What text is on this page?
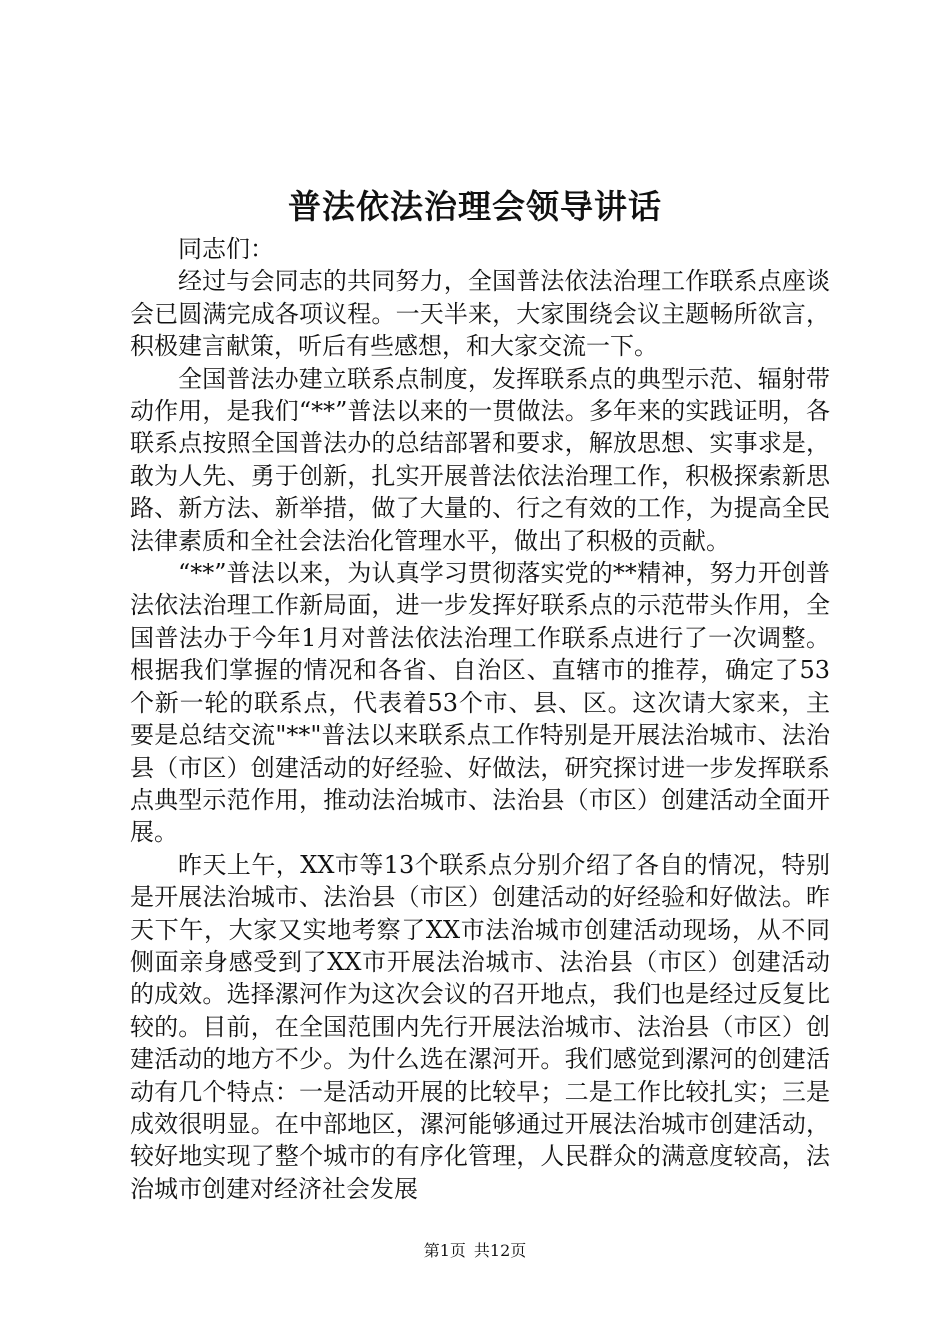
普法依法治理会领导讲话

同志们：

经过与会同志的共同努力，全国普法依法治理工作联系点座谈会已圆满完成各项议程。一天半来，大家围绕会议主题畅所欲言，积极建言献策，听后有些感想，和大家交流一下。

全国普法办建立联系点制度，发挥联系点的典型示范、辐射带动作用，是我们“**”普法以来的一贯做法。多年来的实践证明，各联系点按照全国普法办的总结部署和要求，解放思想、实事求是，敢为人先、勇于创新，扎实开展普法依法治理工作，积极探索新思路、新方法、新举措，做了大量的、行之有效的工作，为提高全民法律素质和全社会法治化管理水平，做出了积极的贡献。

“**”普法以来，为认真学习贯彻落实党的**精神，努力开创普法依法治理工作新局面，进一步发挥好联系点的示范带头作用，全国普法办于今年1月对普法依法治理工作联系点进行了一次调整。根据我们掌握的情况和各省、自治区、直辖市的推荐，确定了53个新一轮的联系点，代表着53个市、县、区。这次请大家来，主要是总结交流"**"普法以来联系点工作特别是开展法治城市、法治县（市区）创建活动的好经验、好做法，研究探讨进一步发挥联系点典型示范作用，推动法治城市、法治县（市区）创建活动全面开展。

昨天上午，XX市等13个联系点分别介绍了各自的情况，特别是开展法治城市、法治县（市区）创建活动的好经验和好做法。昨天下午，大家又实地考察了XX市法治城市创建活动现场，从不同侧面亲身感受到了XX市开展法治城市、法治县（市区）创建活动的成效。选择漯河作为这次会议的召开地点，我们也是经过反复比较的。目前，在全国范围内先行开展法治城市、法治县（市区）创建活动的地方不少。为什么选在漯河开。我们感觉到漯河的创建活动有几个特点：一是活动开展的比较早；二是工作比较扎实；三是成效很明显。在中部地区，漯河能够通过开展法治城市创建活动，较好地实现了整个城市的有序化管理，人民群众的满意度较高，法治城市创建对经济社会发展

第1页 共12页
